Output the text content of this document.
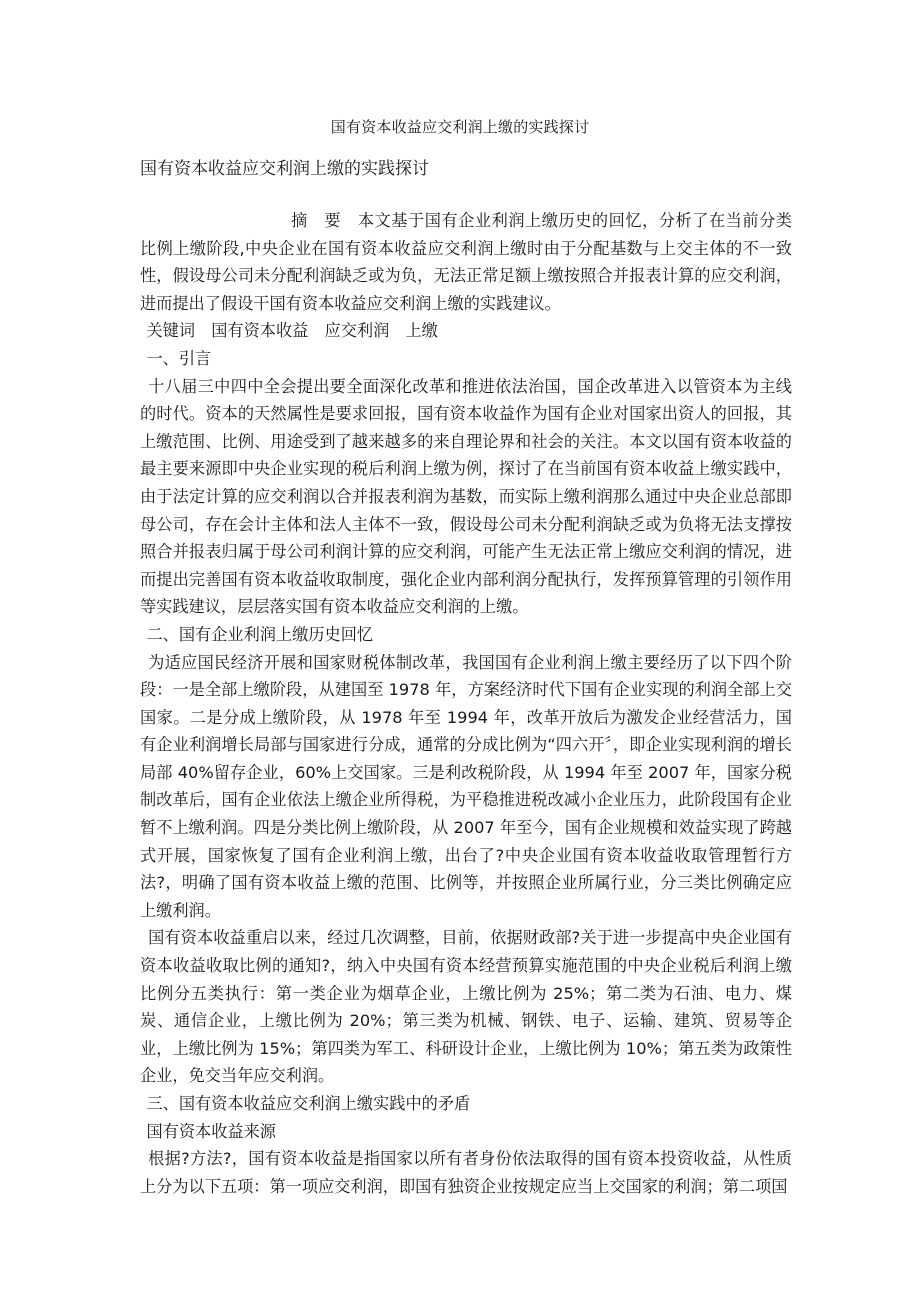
国有资本收益应交利润上缴的实践探讨
国有资本收益应交利润上缴的实践探讨

摘　要　本文基于国有企业利润上缴历史的回忆，分析了在当前分类比例上缴阶段,中央企业在国有资本收益应交利润上缴时由于分配基数与上交主体的不一致性，假设母公司未分配利润缺乏或为负，无法正常足额上缴按照合并报表计算的应交利润，进而提出了假设干国有资本收益应交利润上缴的实践建议。

关键词　国有资本收益　应交利润　上缴

一、引言

十八届三中四中全会提出要全面深化改革和推进依法治国，国企改革进入以管资本为主线的时代。资本的天然属性是要求回报，国有资本收益作为国有企业对国家出资人的回报，其上缴范围、比例、用途受到了越来越多的来自理论界和社会的关注。本文以国有资本收益的最主要来源即中央企业实现的税后利润上缴为例，探讨了在当前国有资本收益上缴实践中，由于法定计算的应交利润以合并报表利润为基数，而实际上缴利润那么通过中央企业总部即母公司，存在会计主体和法人主体不一致，假设母公司未分配利润缺乏或为负将无法支撑按照合并报表归属于母公司利润计算的应交利润，可能产生无法正常上缴应交利润的情况，进而提出完善国有资本收益收取制度，强化企业内部利润分配执行，发挥预算管理的引领作用等实践建议，层层落实国有资本收益应交利润的上缴。

二、国有企业利润上缴历史回忆

为适应国民经济开展和国家财税体制改革，我国国有企业利润上缴主要经历了以下四个阶段：一是全部上缴阶段，从建国至 1978 年，方案经济时代下国有企业实现的利润全部上交国家。二是分成上缴阶段，从 1978 年至 1994 年，改革开放后为激发企业经营活力，国有企业利润增长局部与国家进行分成，通常的分成比例为“四六开〞，即企业实现利润的增长局部 40%留存企业，60%上交国家。三是利改税阶段，从 1994 年至 2007 年，国家分税制改革后，国有企业依法上缴企业所得税，为平稳推进税改减小企业压力，此阶段国有企业暂不上缴利润。四是分类比例上缴阶段，从 2007 年至今，国有企业规模和效益实现了跨越式开展，国家恢复了国有企业利润上缴，出台了?中央企业国有资本收益收取管理暂行方法?，明确了国有资本收益上缴的范围、比例等，并按照企业所属行业，分三类比例确定应上缴利润。

国有资本收益重启以来，经过几次调整，目前，依据财政部?关于进一步提高中央企业国有资本收益收取比例的通知?，纳入中央国有资本经营预算实施范围的中央企业税后利润上缴比例分五类执行：第一类企业为烟草企业，上缴比例为 25%；第二类为石油、电力、煤炭、通信企业，上缴比例为 20%；第三类为机械、钢铁、电子、运输、建筑、贸易等企业，上缴比例为 15%；第四类为军工、科研设计企业，上缴比例为 10%；第五类为政策性企业，免交当年应交利润。

三、国有资本收益应交利润上缴实践中的矛盾

国有资本收益来源

根据?方法?，国有资本收益是指国家以所有者身份依法取得的国有资本投资收益，从性质上分为以下五项：第一项应交利润，即国有独资企业按规定应当上交国家的利润；第二项国
